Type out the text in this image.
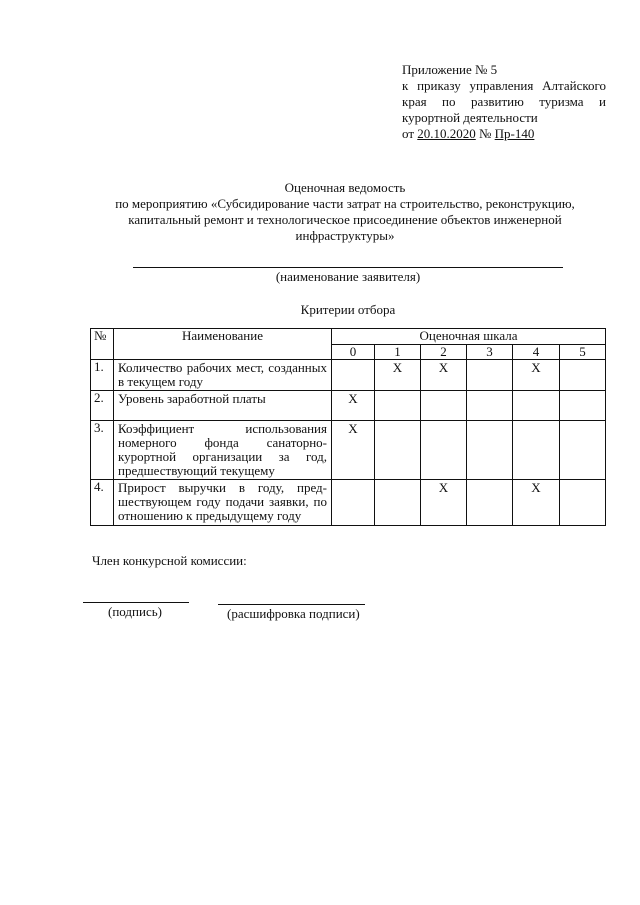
Приложение № 5
к приказу управления Алтайского
края по развитию туризма и
курортной деятельности
от 20.10.2020 № Пр-140
Оценочная ведомость
по мероприятию «Субсидирование части затрат на строительство, реконструкцию,
капитальный ремонт и технологическое присоединение объектов инженерной
инфраструктуры»
(наименование заявителя)
Критерии отбора
№	Наименование	Оценочная шкала					
		0	1	2	3	4	5
1.	Количество рабочих мест, созданных в текущем году		X	X		X	
2.	Уровень заработной платы	X					
3.	Коэффициент использования номерного фонда санаторно-курортной организации за год, предшествующий текущему	X					
4.	Прирост выручки в году, пред-шествующем году подачи заявки, по отношению к предыдущему году			X		X	
Член конкурсной комиссии:
(подпись)	(расшифровка подписи)
